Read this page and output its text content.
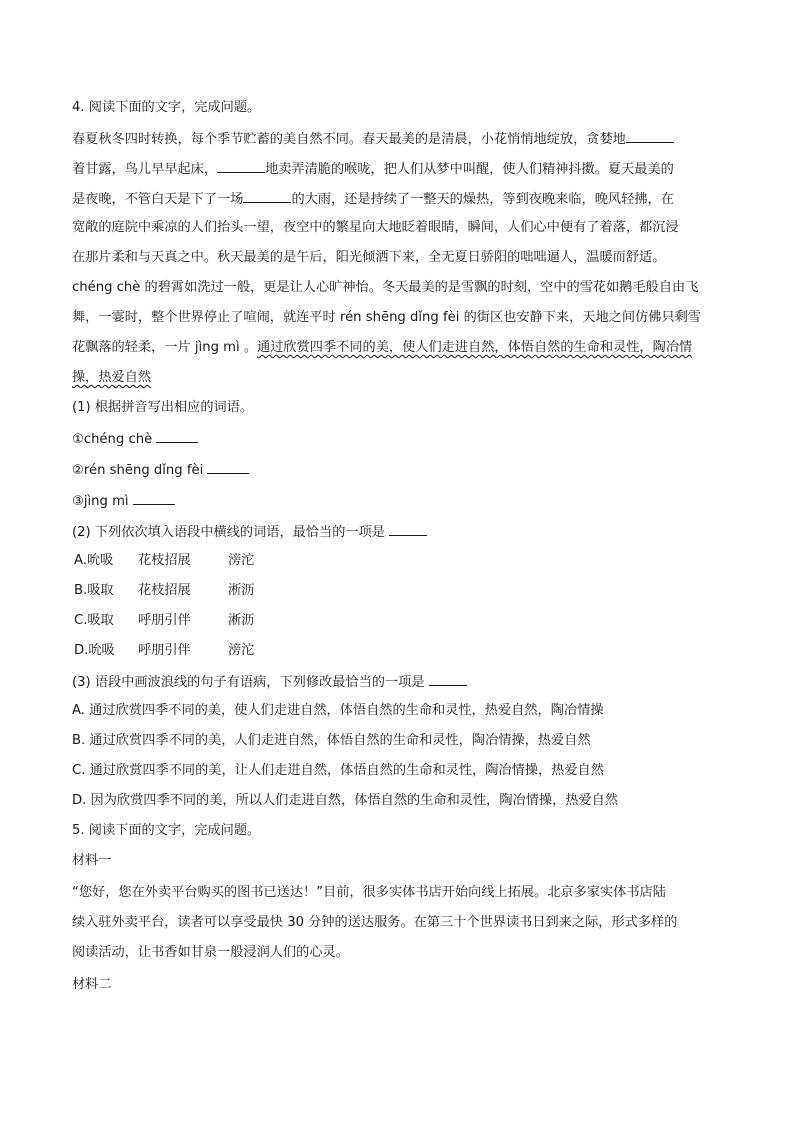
4. 阅读下面的文字，完成问题。

春夏秋冬四时转换，每个季节贮蓄的美自然不同。春天最美的是清晨，小花悄悄地绽放，贪婪地

着甘露，鸟儿早早起床，	地卖弄清脆的喉咙，把人们从梦中叫醒，使人们精神抖擞。夏天最美的

是夜晚，不管白天是下了一场	的大雨，还是持续了一整天的燥热，等到夜晚来临，晚风轻拂，在

宽敞的庭院中乘凉的人们抬头一望，夜空中的繁星向大地眨着眼睛，瞬间，人们心中便有了着落，都沉浸

在那片柔和与天真之中。秋天最美的是午后，阳光倾洒下来，全无夏日骄阳的咄咄逼人，温暖而舒适。

chéng chè 的碧霄如洗过一般，更是让人心旷神怡。冬天最美的是雪飘的时刻，空中的雪花如鹅毛般自由飞

舞，一霎时，整个世界停止了喧闹，就连平时 rén shēng dǐng fèi 的街区也安静下来，天地之间仿佛只剩雪

花飘落的轻柔，一片 jìng mì 。通过欣赏四季不同的美，使人们走进自然，体悟自然的生命和灵性，陶冶情

操，热爱自然

(1) 根据拼音写出相应的词语。

①chéng chè

②rén shēng dǐng fèi

③jìng mì

(2) 下列依次填入语段中横线的词语，最恰当的一项是

A.吮吸	花枝招展	滂沱
B.吸取	花枝招展	淅沥
C.吸取	呼朋引伴	淅沥
D.吮吸	呼朋引伴	滂沱

(3) 语段中画波浪线的句子有语病，下列修改最恰当的一项是

A. 通过欣赏四季不同的美，使人们走进自然，体悟自然的生命和灵性，热爱自然，陶冶情操

B. 通过欣赏四季不同的美，人们走进自然，体悟自然的生命和灵性，陶冶情操，热爱自然

C. 通过欣赏四季不同的美，让人们走进自然，体悟自然的生命和灵性，陶冶情操，热爱自然

D. 因为欣赏四季不同的美，所以人们走进自然，体悟自然的生命和灵性，陶冶情操，热爱自然

5. 阅读下面的文字，完成问题。

材料一

“您好，您在外卖平台购买的图书已送达！”目前，很多实体书店开始向线上拓展。北京多家实体书店陆

续入驻外卖平台，读者可以享受最快 30 分钟的送达服务。在第三十个世界读书日到来之际，形式多样的

阅读活动，让书香如甘泉一般浸润人们的心灵。

材料二
